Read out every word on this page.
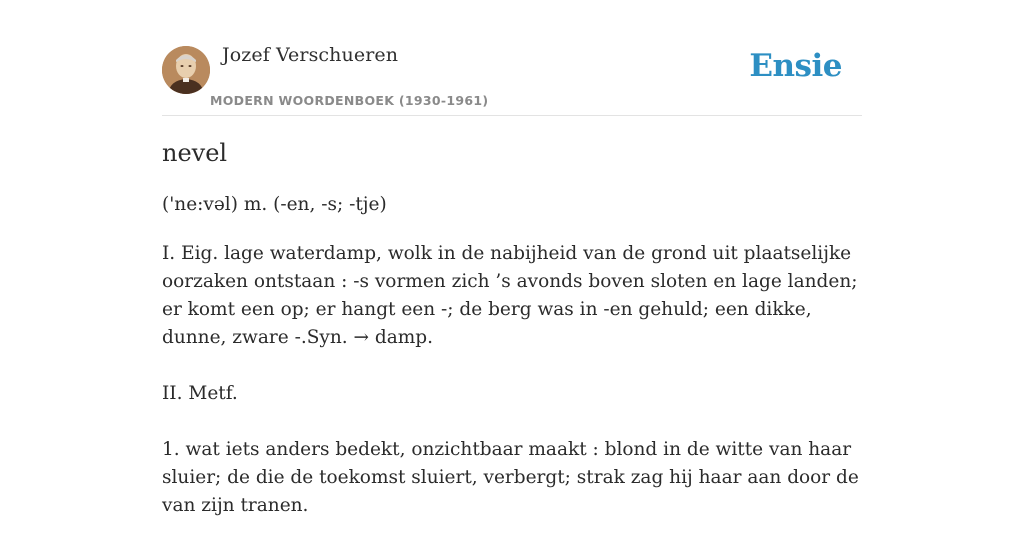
Jozef Verschueren
MODERN WOORDENBOEK (1930-1961)
Ensie
nevel
('ne:vəl) m. (-en, -s; -tje)

I. Eig. lage waterdamp, wolk in de nabijheid van de grond uit plaatselijke oorzaken ontstaan : -s vormen zich ’s avonds boven sloten en lage landen; er komt een op; er hangt een -; de berg was in -en gehuld; een dikke, dunne, zware -.Syn. → damp.

II. Metf.

1. wat iets anders bedekt, onzichtbaar maakt : blond in de witte van haar sluier; de die de toekomst sluiert, verbergt; strak zag hij haar aan door de van zijn tranen.
